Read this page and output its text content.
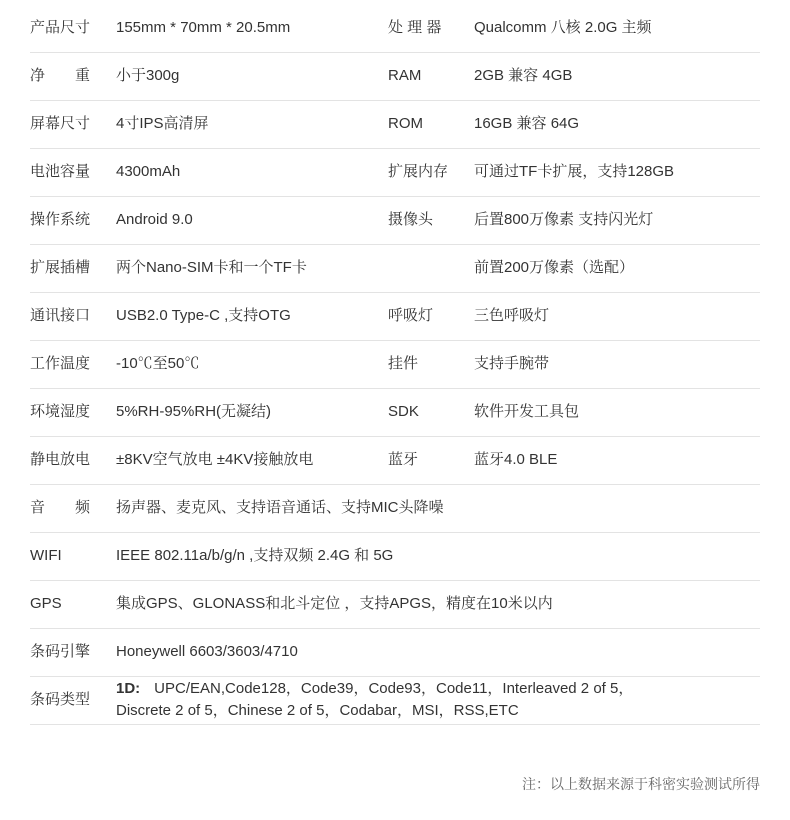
产品尺寸	155mm * 70mm * 20.5mm	处 理 器	Qualcomm 八核 2.0G 主频
净　　重	小于300g	RAM	2GB 兼容 4GB
屏幕尺寸	4寸IPS高清屏	ROM	16GB 兼容 64G
电池容量	4300mAh	扩展内存	可通过TF卡扩展，支持128GB
操作系统	Android 9.0	摄像头	后置800万像素 支持闪光灯
扩展插槽	两个Nano-SIM卡和一个TF卡		前置200万像素（选配）
通讯接口	USB2.0 Type-C ,支持OTG	呼吸灯	三色呼吸灯
工作温度	-10℃至50℃	挂件	支持手腕带
环境湿度	5%RH-95%RH(无凝结)	SDK	软件开发工具包
静电放电	±8KV空气放电 ±4KV接触放电	蓝牙	蓝牙4.0 BLE
音　　频	扬声器、麦克风、支持语音通话、支持MIC头降噪		
WIFI	IEEE 802.11a/b/g/n ,支持双频 2.4G 和 5G		
GPS	集成GPS、GLONASS和北斗定位 ，支持APGS，精度在10米以内		
条码引擎	Honeywell 6603/3603/4710		
条码类型	1D: UPC/EAN,Code128，Code39，Code93，Code11，Interleaved 2 of 5，
Discrete 2 of 5，Chinese 2 of 5，Codabar，MSI，RSS,ETC		
注：以上数据来源于科密实验测试所得
